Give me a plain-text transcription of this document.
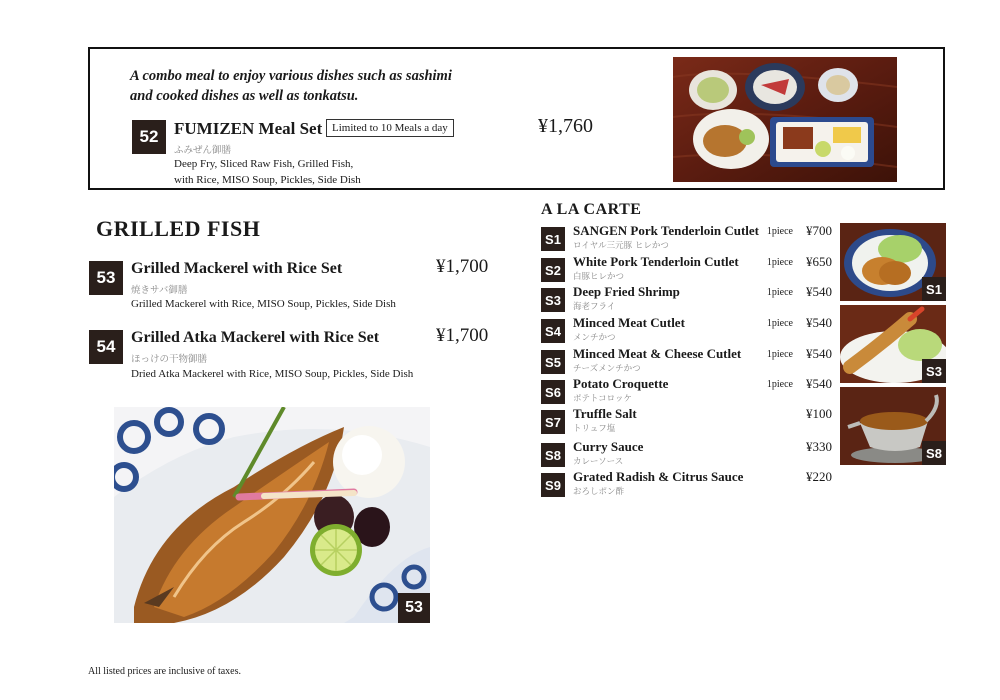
A combo meal to enjoy various dishes such as sashimi
and cooked dishes as well as tonkatsu.
52 FUMIZEN Meal Set Limited to 10 Meals a day
ふみぜん御膳
Deep Fry, Sliced Raw Fish, Grilled Fish,
with Rice, MISO Soup, Pickles, Side Dish
¥1,760
GRILLED FISH
53 Grilled Mackerel with Rice Set
焼きサバ御膳
Grilled Mackerel with Rice, MISO Soup, Pickles, Side Dish
¥1,700
54 Grilled Atka Mackerel with Rice Set
ほっけの干物御膳
Dried Atka Mackerel with Rice, MISO Soup, Pickles, Side Dish
¥1,700
53
A LA CARTE
S1
SANGEN Pork Tenderloin Cutlet
ロイヤル三元豚 ヒレかつ
1piece	¥700
S2
White Pork Tenderloin Cutlet
白豚ヒレかつ
1piece	¥650
S3
Deep Fried Shrimp
海老フライ
1piece	¥540
S4
Minced Meat Cutlet
メンチかつ
1piece	¥540
S5
Minced Meat & Cheese Cutlet
チーズメンチかつ
1piece	¥540
S6
Potato Croquette
ポテトコロッケ
1piece	¥540
S7
Truffle Salt
トリュフ塩
¥100
S8
Curry Sauce
カレーソース
¥330
S9
Grated Radish & Citrus Sauce
おろしポン酢
¥220
S1
S3
S8
All listed prices are inclusive of taxes.
